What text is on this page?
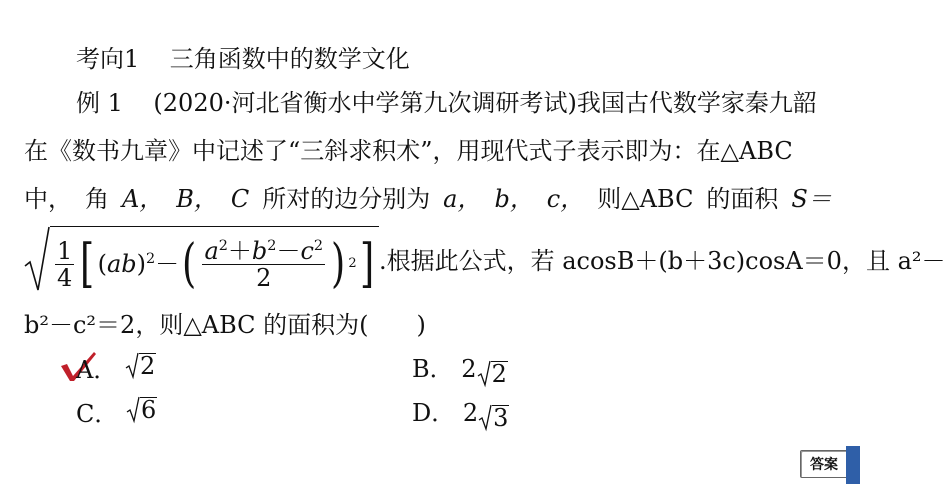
考向1 三角函数中的数学文化
例 1 (2020·河北省衡水中学第九次调研考试)我国古代数学家秦九韶
在《数书九章》中记述了“三斜求积术”，用现代式子表示即为：在△ABC
中， 角 A， B， C 所对的边分别为 a， b， c， 则△ABC 的面积 S＝
$\frac{1}{4}$ [ (ab)$^2$－ ( $\frac{a^2+b^2-c^2}{2}$ ) 2 ] .根据此公式，若 acosB＋(b＋3c)cosA＝0，且 a²－
b²－c²＝2，则△ABC 的面积为(　　)
A． 2	B． 2 2
C． 6	D． 2 3
答案
